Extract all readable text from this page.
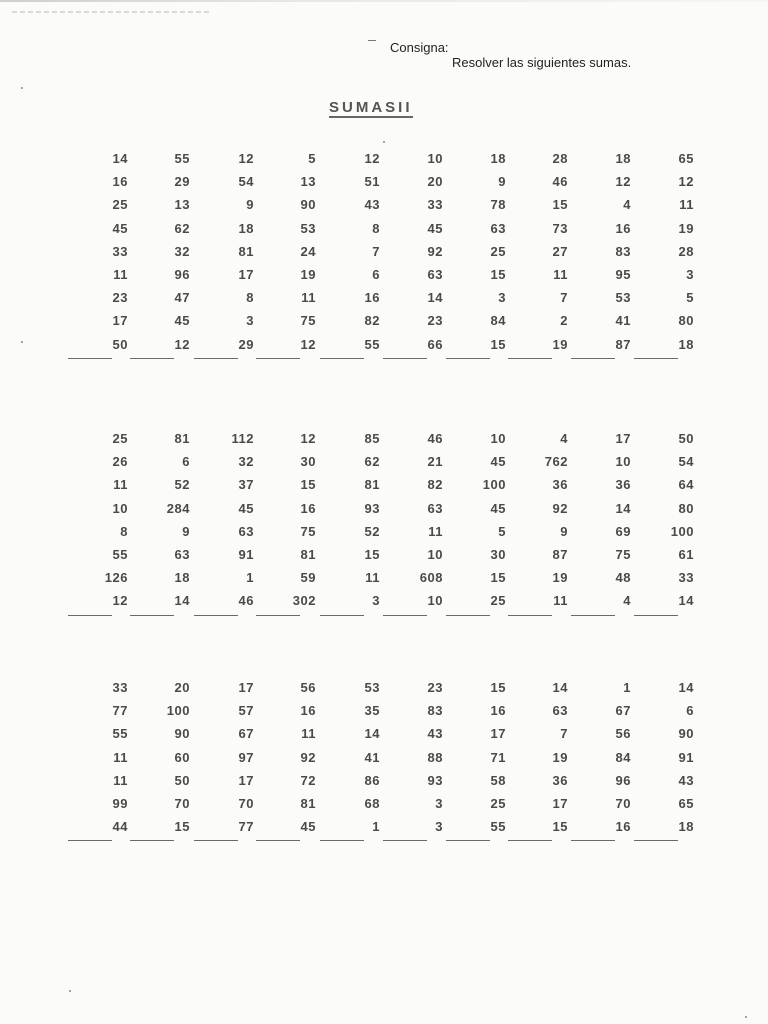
Consigna:
Resolver las siguientes sumas.
SUMASII
14
16
25
45
33
11
23
17
50
55
29
13
62
32
96
47
45
12
12
54
9
18
81
17
8
3
29
5
13
90
53
24
19
11
75
12
12
51
43
8
7
6
16
82
55
10
20
33
45
92
63
14
23
66
18
9
78
63
25
15
3
84
15
28
46
15
73
27
11
7
2
19
18
12
4
16
83
95
53
41
87
65
12
11
19
28
3
5
80
18
25
26
11
10
8
55
126
12
81
6
52
284
9
63
18
14
112
32
37
45
63
91
1
46
12
30
15
16
75
81
59
302
85
62
81
93
52
15
11
3
46
21
82
63
11
10
608
10
10
45
100
45
5
30
15
25
4
762
36
92
9
87
19
11
17
10
36
14
69
75
48
4
50
54
64
80
100
61
33
14
33
77
55
11
11
99
44
20
100
90
60
50
70
15
17
57
67
97
17
70
77
56
16
11
92
72
81
45
53
35
14
41
86
68
1
23
83
43
88
93
3
3
15
16
17
71
58
25
55
14
63
7
19
36
17
15
1
67
56
84
96
70
16
14
6
90
91
43
65
18
